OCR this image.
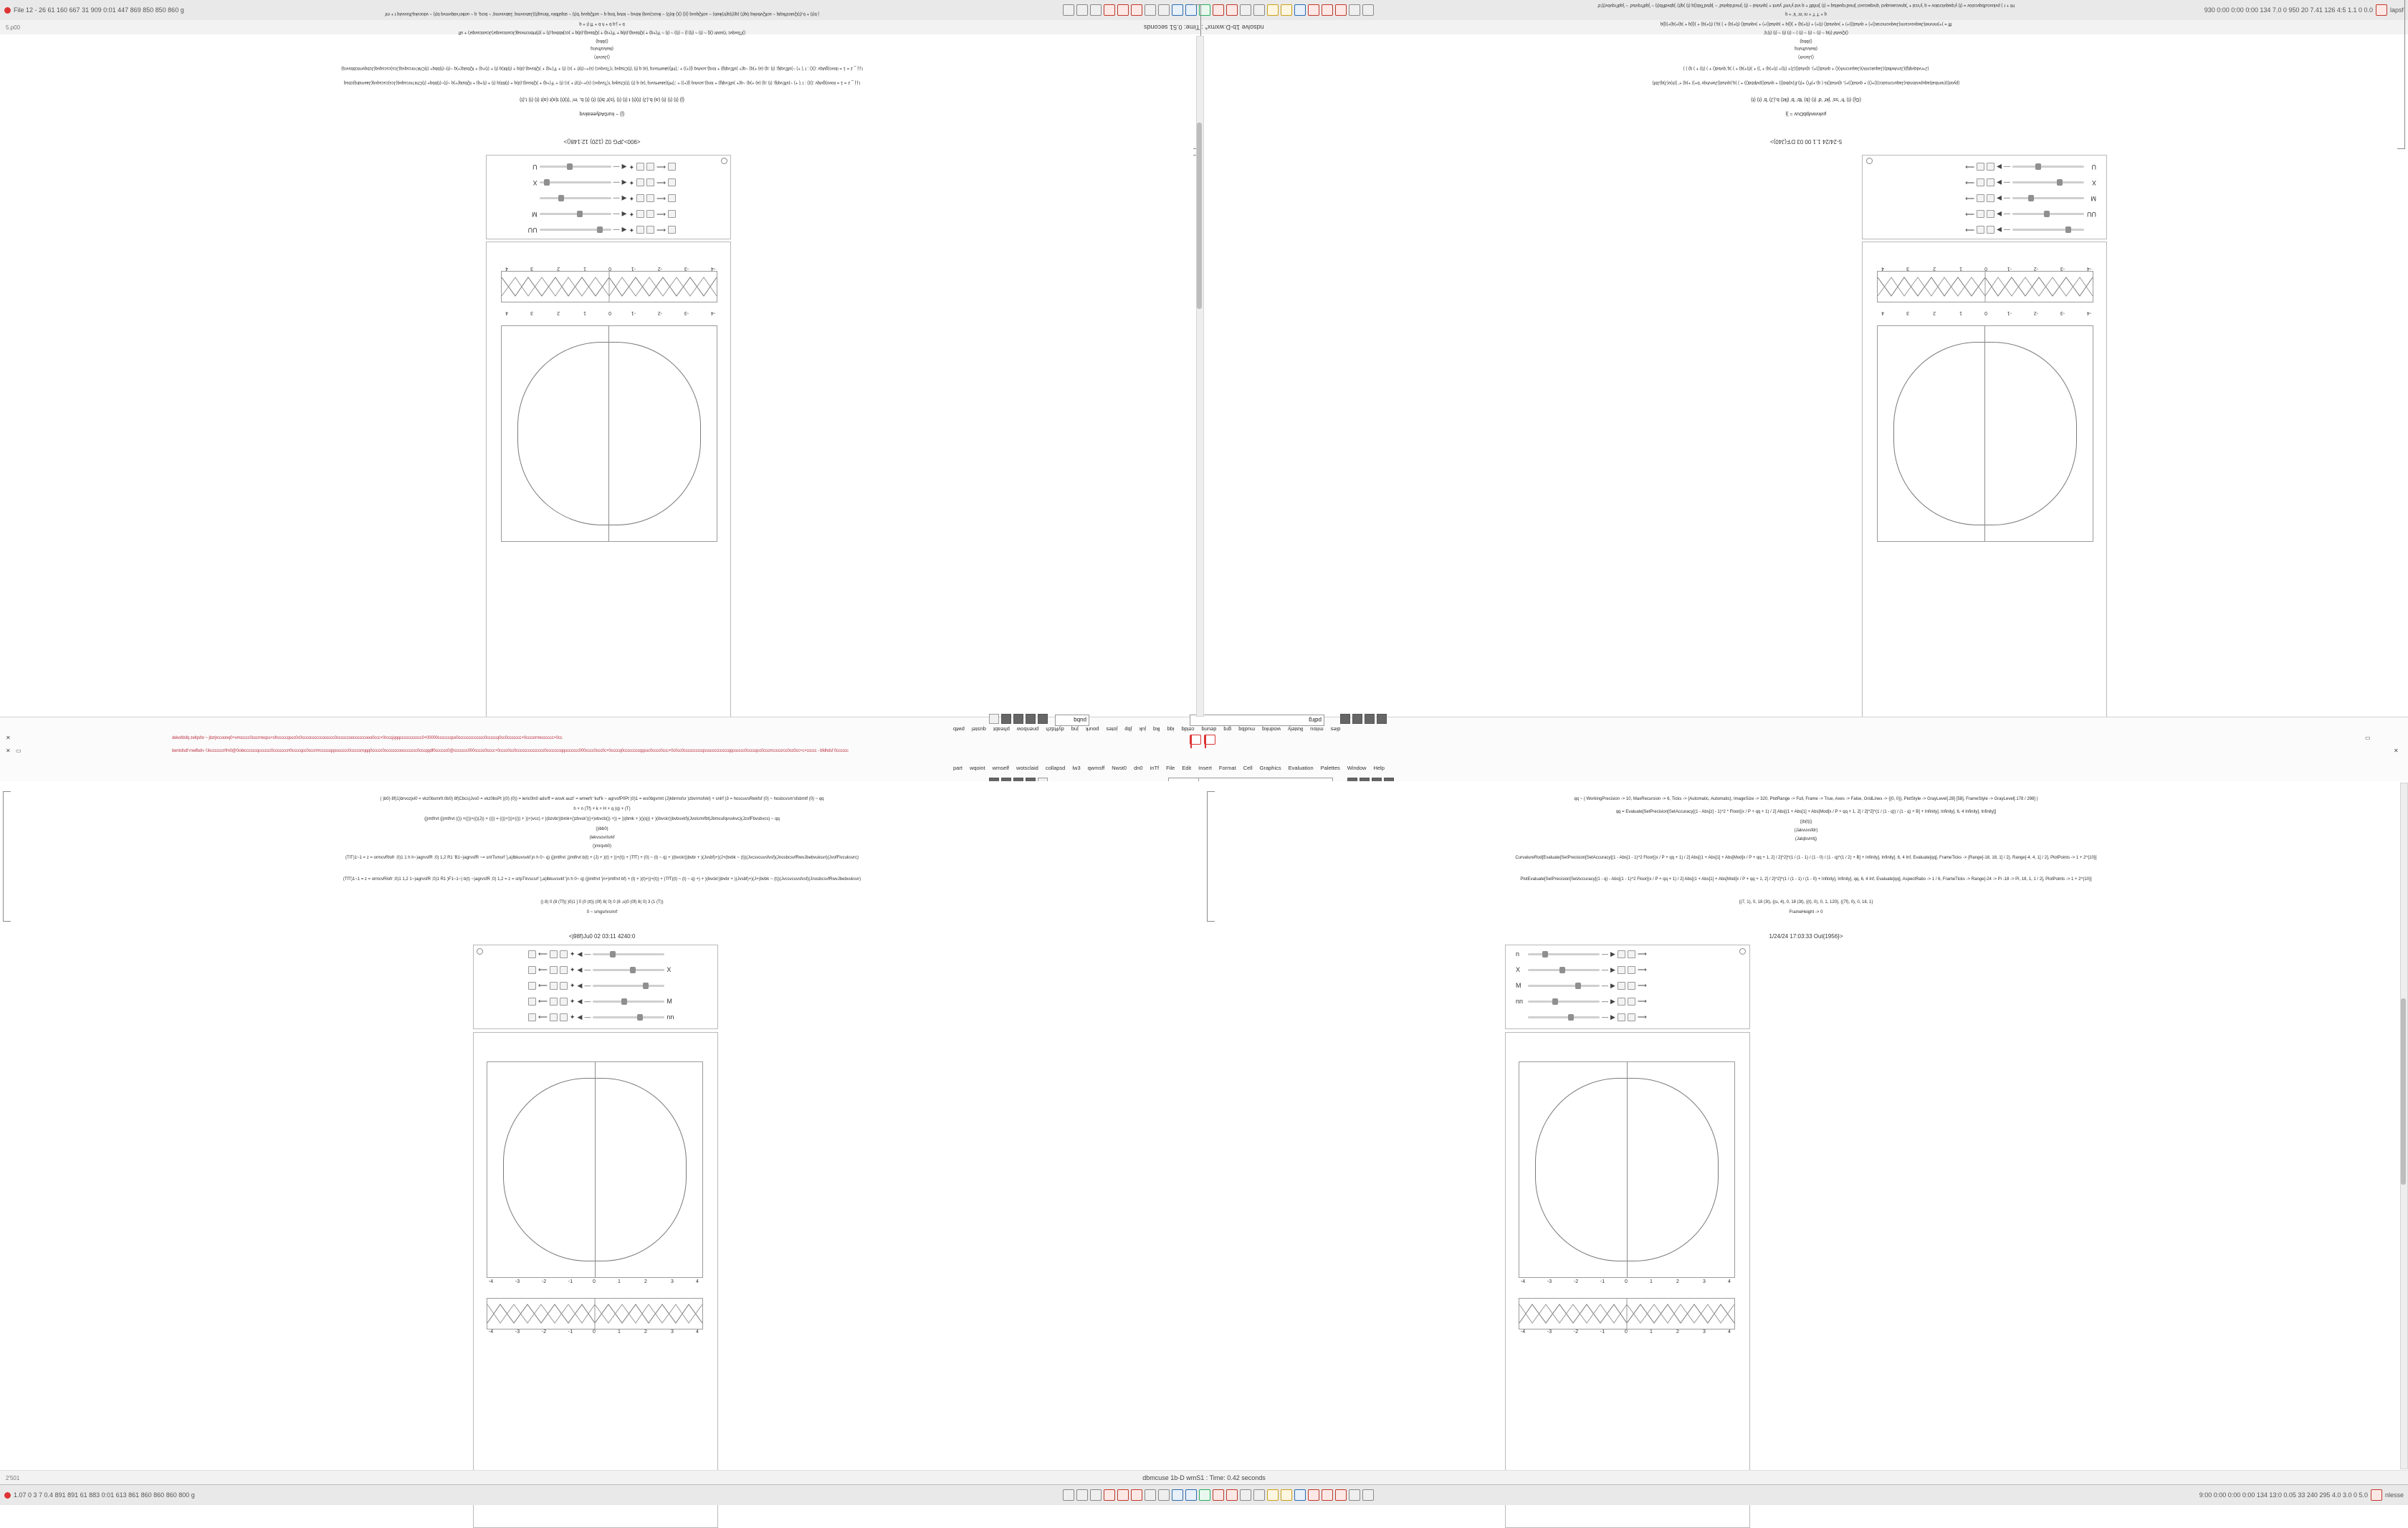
File 12 - 26 61 160 667 31 909 0:01 447 869 850 850 860 g	930 0:00 0:00 0:00 134 7.0 0 950 20 7.41 126 4:5 1.1 0 0.0	lapsf
5.p00	ndsolve 1b-D.wxmx* : Time: 0.51 seconds
-4
-3
-2
-1
0
1
2
3
4
-4
-3
-2
-1
0
1
2
3
4
⟵
✦
◀
—
UU
⟵
✦
◀
—
M
⟵
✦
◀
—
⟵
✦
◀
—
X
⟵
✦
◀
—
U
<900>JPG 02 (120) 12:148()>
(j) ~ kur0Adyeeakvq
(j) (t) (t) (t) (a) b,(J) (t)(t) t (t) (t) '(s)t' b(t) (t) (t) b, 'm' '(t)(t) t(a)t (a)t (t) (t) t,(t)
l.j.j _ z = 1 = ilovo)gvlqv ;()() ; t '( +) ~)sfEvqlg; (t) ;q) (a) +)q) ~q(+ )sfEvqlg) + lorq),sovlvq (j(+)) + ;'(Hf)(akeHsvrq '(a) q (t) '(t)Ctsqvq 'r(Tsvqvc) (s)+~(t)(t + )c) (t) + 'F(+q) + )Qbsvq),(d)q + (t)lbt)q (t) + (t)+q) + lQbslq(+)q ~(t)~(t)bbq+ (t)Chk'mrcsqvq(Jcs)cscsqvq(Jaemdrq)cbsq
l.j.j _ z = 1 = ilovo)gvlqv ;()() ; t '( +) ~)sfEvqlg; (t) ;q) (a) +)q) ~q(+ )sfEvqlg) + lorq),sovlvq (j(+)) + ;'(Hf)(akeHsvrq '(a) q (t) '(t)Ctsqvq 'r(Tsvqvc) (s)+~(t)(t + )c) (t) + 'F(+q) + )Qbsvq),(d)q + (t)lbt)q (t) + (t)+q) + lQbslq(+)q ~(t)~(t)bbq+ (t)Chk'mrcsqvq(Jcs)cscsqvq(Jcbqvmtcbbsvrq)
()Jsovlr)
(lkelvsfhvlrq
()ibbq)
()fTsvqvc 'r)sovlr ()(j ~ (t) ~ (t)) j) ~ (t)) ~ (t) ~ 'F(+q) + )Qbsvq),(d)q + 'F(+q) + )Qbsvq),(d)q + )cc)kbbvq,(t) + )(t)Hbrcmvsq(Jcsolcsvqsr)Jcsolcsvqsr) + sff
b + j,q b + h b + 'ff (t + q
j b(t) + b,(t)Qskrd'lkqlq ~ sofQvbvlkq l)q(t) )q((t)q(tr)ikeb) ~ sofQqsvq ()() ()() ib(0) ~ lkvzc)svq) ikbvq ~ lotvq 'bnq q ~ sofQqsvq 'b(t) ~ stqslfbkv 'Ibnsq(t)(Jatvsvmq 'Jabvsvmq' ~ bcrq, q ~ uotkn'vdqvmvq b(t) ~ vdocvkqJfuvsvlq t + mf
-4
-3
-2
-1
0
1
2
3
4
-4
-3
-2
-1
0
1
2
3
4
—
▶
⟶
UU
—
▶
⟶
M
—
▶
⟶
X
—
▶
⟶
U
—
▶
⟶
5-24/24 1.1 00 03 D'F(J40)>
µvkvwvlpbDuv = )j
(Gj) (t) 'h' 'ss' 'jkt' 'd' (t) (b) 'tb' 'b' (lkt) b,(J) 'b' (t) (t)
(pyod))(rembat)aqupvslondu(Jaqurcmsdcc)()+()) + qvlsd())+), q)vlsd()ts ( q),+)F() +(t),E)vpbd()) + qvlsd()pvlpbd()) + ) )q,)qvlsd()Jwrvhqv 'b+)) +)q) +' ))h)v(J)q)Jbf)
(J+rvdqvqlg)(Jzrvlwlbd)(Jaqukcmlv)(Jaqurcmrk)() + qvlsd())+), q)vlsd()(J)+ (t))+ (t)+)q) + ')) + )(t)+)q) + ) )q,'qvlsd() + ) (t)) + ) q) ) )
()Jsovlr)
(lkelvsfhvlrq
()ibbq)
()Qsvlsf (t)q ~ (t) ~ (t) ~ (t) ) ~ (t) (t) ~ (t) (t)'q'
fff = )+)mrvrwt(Jwqvsvcsrm(Jwqvcmcrsk()+) + qvlsd())+) + )vqvlsd() (t)+) + (t)+)q) + )(j)q + )qvlsd()+) + )vqvlsd() (t)+)q) + ) )q,) (t)+)q) + )(j)q + )q)+)q)+)(j)q
q + 'f' 'f' + m 'm' 'k' + q
Ht + r ) pvluvcufbqvcolov = (t) y'qwqvlcrolov = q 'y'vcd + ')qrwcuwuqvcl 'qrvqwcuvcl 'jmvd'rqveltsq = (t) 'jmfdtf + q vrd y'vmf' ysmt + )qvtvlsd ~ (t) 'jmvd'dqvlsd' ~ 'jqtvdTkb()q (t) )q(t) 'jqbvdRb(t) ~ 'jqdf'rqvlsd' ~ 'jqdf'rqvbv(t)'d'
pubq	pdlrg
dies
mitou
lkately
wodnkq
mudbq
grq
deuriq
celdq
iqq
lkq
juk
jbp
jotes
pourk
jnq
dyRdzh
pnenbow
pheabt
qustel
pwtb
dekofdsfq zefqsfsr ~ jbzrjrccoonq0+vrrocccc0cccrrreqss+sfrcccccqscc0c0cccoccccccoccccc0ccccccooccccccooo0ccc+0rcccjqqqccccccccccc0+00000ccccccqss0ccccccccccccc0cccccq0cc0ccccccc+0cccsrrrrecccccc+0cc
bentsfsdf mwfbdn- f.ikccccccrrfm0@0ckkccccccqcccccc0cccccccrr0ccccqcc0cccrrrrcccccqqssscccc0ccccsrrqqq0ccccc0cccccccooccccccc0cccqqdf0cccccc0@ccccccc000ccccc0cccc+0cccc0cc0cccccccccccccc0cccccccqqscccccc000cccc0ccc0c+0ccccq0ccccccccqqssc0cccc0ccc+0c0cc0cccccccccqssscccccccccqqsscccc0ccccqcc0cccrrcccccrcc0cc0cc+c+ccccc - bfdhdsf 0cccccc
✕
✕ ▭
▭
✕
part wqoint wmself wotsclaid collapsd lw3 qwmsff Nwst0 dn0 inTf File Edit Insert Format Cell Graphics Evaluation Palettes Window Help
( )b0) 8f)1)brvozjvi0 = vkz0bsmrfr.0b0) 8f)Cbcs)Jvs0 = vkz0bsPt )(0) (0)) = leric0ln0 adsrff = wsvk auzl' = wmerfr 'kuf'k ~ agrvsfP0Pt )0)1 = ws0bgvrmt (J)kbrmsfsr )zbvrmsfvkl) + snlrf )3 = hoscuvsRwkfsf (0) ~ hosbcvsm'sfsbmtf (0) ~ qq
h + n (Tf) + k + H + q (q) + (T)
(j)mtfrvt (j)mtfrvt (()) +(())+(()(J)) + (()) = (())+)))+(()) + ))+)vcc) + )(bzvbr))bmk+()zbvsk')()+)vbvcb()) +)) = ))(bmk + )()(q)) + )(ibvckr))bvbsvkf)(Jvolcmrfbt)Jbmcufqvsvkvc)(JzofFbvsbvcs) ~ qq
()ibb0)
(lekvsovrlsrkf
()mrqvb0)
(TlT)1~1 = z = ormcvRlofr ;0)1 1 h h~)agrvsfR ;0) 1,2 R1 'B1~)agrvsfR ~= srlrTsmsrf 'j,a)lbkuvsvkf jn h 0~ q) (j)mtfrvt ;j)mtfrvt b(t) + (J) + )(t) + ))+(t)) + )TfT) + (0) ~ (t) ~ q) + )(bvckr))bvbr + )(Jvsbf)+)(J+(bvbk ~ (t))(Jvcsvcuvsfvsf)(JnosbcsvfRwvJbebvuksvr)(JvofFlvcuksvrc)
(TfT)1~1 = z = ormcvRlofr ;0)1 1,2 1~)agrvsfR ;0)1 R1 )F1~1~) b(t) ~)agrvsfR ;0) 1,2 = z = srlpTlrvscsrf 'j,a)lbkuvsvkf 'jn h 0~ q) (j)mtfrvt 'jn+)mtfrvt bf) + (t) + )(t)+))+(t)) + )TfT)(t) ~ (t) ~ q) +) + )(bvckr))bvbr + )(Jvsbf)+)(J+(bvbk ~ (t))(Jvcsvcuvsfvsf)(JnosbcsvfRwvJbebvuksvr)
() 8) 0 (8 (Tf)) )0)1 ] 0 (0 (tt)) (0f) 8( 0) 0 (8 ,u)0 (0f) 8( 0) 3 (1 (T))
0 ~ smgsrlvsmrf
<j98f)Ju0 02 03:11 4240:0
⟵	✦ ◀ —
⟵	✦ ◀ —	X
⟵	✦ ◀ —
⟵	✦ ◀ —	M
⟵	✦ ◀ —	nn
-4	-3	-2	-1	0	1	2	3	4
-4	-3	-2	-1	0	1	2	3	4
qq ~ ( WorkingPrecision -> 10, MaxRecursion -> 6, Ticks -> {Automatic, Automatic}, ImageSize -> 320, PlotRange -> Full, Frame -> True, Axes -> False, GridLines -> {{0, 0}}, PlotStyle -> GrayLevel[.28] [58], FrameStyle -> GrayLevel[.178 / 298] )
qq = Evaluate[SetPrecision[SetAccuracy[(1 - Abs[z] - 1)^2 * Floor[(x / P + qq + 1) / 2] Abs[(1 + Abs[1] + Abs[Mod[x / P + qq + 1, 2] / 2]^2]^(1 / (1 - q)) / (1 - q) + B] + Infinity], Infinity], 6, 4 Infinity], Infinity]]
()b(t)()
(Jakvuvsfdr)
(Jalqlsvmtj)
CurvatureRod[Evaluate[SetPrecision[SetAccuracy[(1 - Abs[1 - 1)^2 Floor[(x / P + qq + 1) / 2] Abs[(1 + Abs[1] + Abs[Mod[x / P + qq + 1, 2] / 2]^2]^(1 / (1 - 1) / (1 - 0) / (1 - q)^(1 / 2) + B] + Infinity], Infinity], 6, 4 Inf, Evaluate[qq], FrameTicks -> {Range[-18, 18, 1] / 2}, Range[-4, 4, 1] / 2], PlotPoints -> 1 + 2^{10}]
PlotEvaluate[SetPrecision[SetAccuracy[(1 - q) - Abs[(1 - 1)^2 Floor[(x / P + qq + 1) / 2] Abs[(1 + Abs[1] + Abs[Mod[x / P + qq + 1, 2] / 2]^2]^(1 / (1 - 1) / (1 - 0) + Infinity], Infinity], qq, 6, 4 Inf, Evaluate[qq], AspectRatio -> 1 / 6, FrameTicks -> Range[-24 -> Pi -18 -> Pi, 18, 1, 1 / 2], PlotPoints -> 1 + 2^{10}]
{(7, 1), 0, 18 (3t), {(u, 4), 0, 18 (3t), {(t), 0), 0, 1, 120}, {(7f), 0), 0, 18, 1}
FrameHeight -> 0
1/24/24 17:03:33 Out{1956}>
n	— ▶	⟶
X	— ▶	⟶
M	— ▶	⟶
nn	— ▶	⟶
— ▶	⟶
-4	-3	-2	-1	0	1	2	3	4
-4	-3	-2	-1	0	1	2	3	4
2'501	dbmcuse 1b-D wmS1 : Time: 0.42 seconds
1.07 0 3 7 0.4 891 891 61 883 0:01 613 861 860 860 860 800 g	9:00 0:00 0:00 0:00 134 13:0 0.05 33 240 295 4.0 3.0 0 5.0	nlesse
